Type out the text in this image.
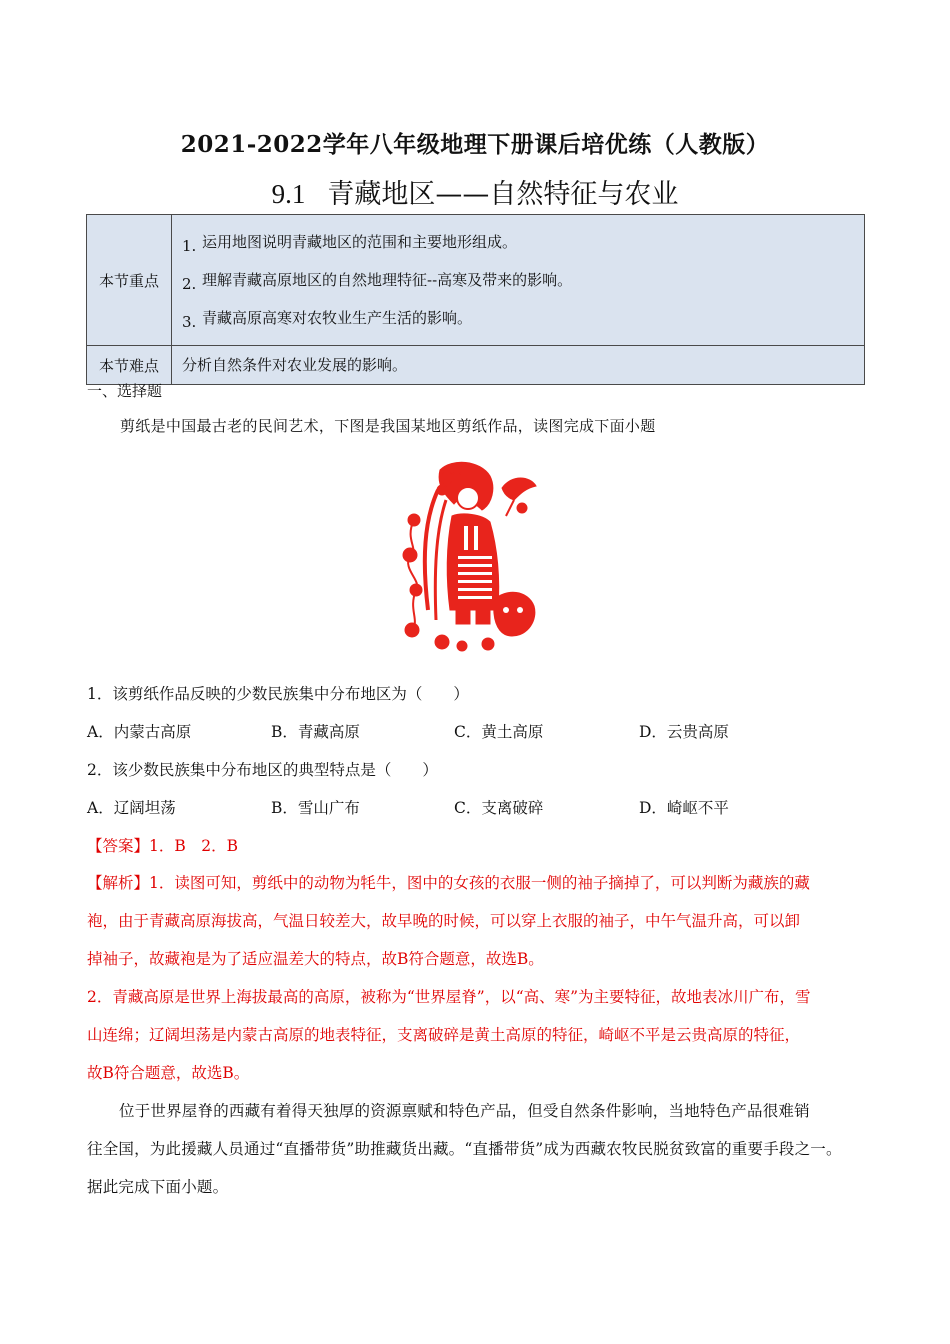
2021-2022学年八年级地理下册课后培优练（人教版）
9.1 青藏地区——自然特征与农业
本节重点	1. 运用地图说明青藏地区的范围和主要地形组成。
2. 理解青藏高原地区的自然地理特征--高寒及带来的影响。
3. 青藏高原高寒对农牧业生产生活的影响。

本节难点	分析自然条件对农业发展的影响。
一、选择题
剪纸是中国最古老的民间艺术，下图是我国某地区剪纸作品，读图完成下面小题
1．该剪纸作品反映的少数民族集中分布地区为（　　）
A．内蒙古高原	B．青藏高原	C．黄土高原	D．云贵高原
2．该少数民族集中分布地区的典型特点是（　　）
A．辽阔坦荡	B．雪山广布	C．支离破碎	D．崎岖不平
【答案】1．B　2．B
【解析】1．读图可知，剪纸中的动物为牦牛，图中的女孩的衣服一侧的袖子摘掉了，可以判断为藏族的藏
袍，由于青藏高原海拔高，气温日较差大，故早晚的时候，可以穿上衣服的袖子，中午气温升高，可以卸
掉袖子，故藏袍是为了适应温差大的特点，故B符合题意，故选B。
2．青藏高原是世界上海拔最高的高原，被称为“世界屋脊”，以“高、寒”为主要特征，故地表冰川广布，雪
山连绵；辽阔坦荡是内蒙古高原的地表特征，支离破碎是黄土高原的特征，崎岖不平是云贵高原的特征，
故B符合题意，故选B。
位于世界屋脊的西藏有着得天独厚的资源禀赋和特色产品，但受自然条件影响，当地特色产品很难销
往全国，为此援藏人员通过“直播带货”助推藏货出藏。“直播带货”成为西藏农牧民脱贫致富的重要手段之一。
据此完成下面小题。
